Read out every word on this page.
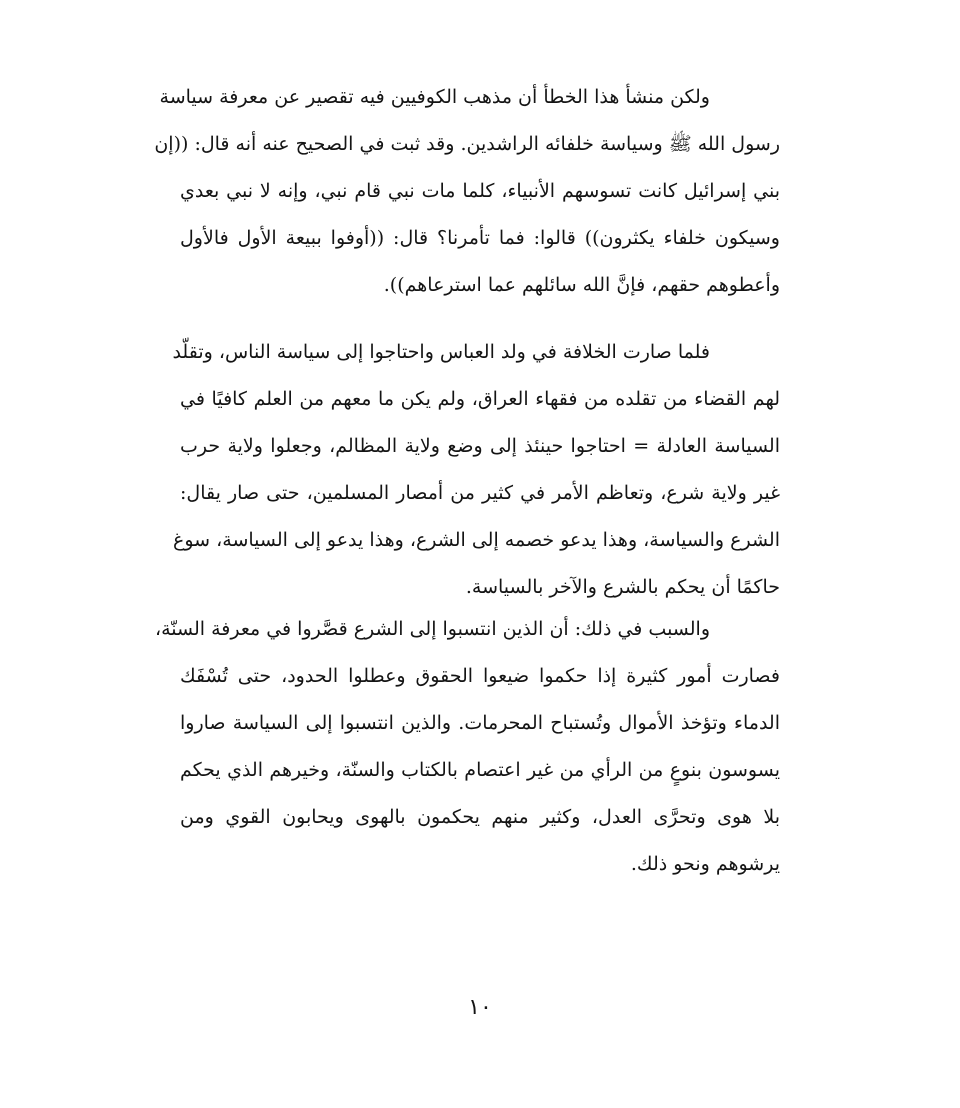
ولكن منشأ هذا الخطأ أن مذهب الكوفيين فيه تقصير عن معرفة سياسة
رسول الله ﷺ وسياسة خلفائه الراشدين. وقد ثبت في الصحيح عنه أنه قال: ((إن
بني إسرائيل كانت تسوسهم الأنبياء، كلما مات نبي قام نبي، وإنه لا نبي بعدي
وسيكون خلفاء يكثرون)) قالوا: فما تأمرنا؟ قال: ((أوفوا ببيعة الأول فالأول
وأعطوهم حقهم، فإنَّ الله سائلهم عما استرعاهم)).
فلما صارت الخلافة في ولد العباس واحتاجوا إلى سياسة الناس، وتقلّد
لهم القضاء من تقلده من فقهاء العراق، ولم يكن ما معهم من العلم كافيًا في
السياسة العادلة = احتاجوا حينئذ إلى وضع ولاية المظالم، وجعلوا ولاية حرب
غير ولاية شرع، وتعاظم الأمر في كثير من أمصار المسلمين، حتى صار يقال:
الشرع والسياسة، وهذا يدعو خصمه إلى الشرع، وهذا يدعو إلى السياسة، سوغ
حاكمًا أن يحكم بالشرع والآخر بالسياسة.
والسبب في ذلك: أن الذين انتسبوا إلى الشرع قصَّروا في معرفة السنّة،
فصارت أمور كثيرة إذا حكموا ضيعوا الحقوق وعطلوا الحدود، حتى تُسْفَك
الدماء وتؤخذ الأموال وتُستباح المحرمات. والذين انتسبوا إلى السياسة صاروا
يسوسون بنوعٍ من الرأي من غير اعتصام بالكتاب والسنّة، وخيرهم الذي يحكم
بلا هوى وتحرَّى العدل، وكثير منهم يحكمون بالهوى ويحابون القوي ومن
يرشوهم ونحو ذلك.
١٠
